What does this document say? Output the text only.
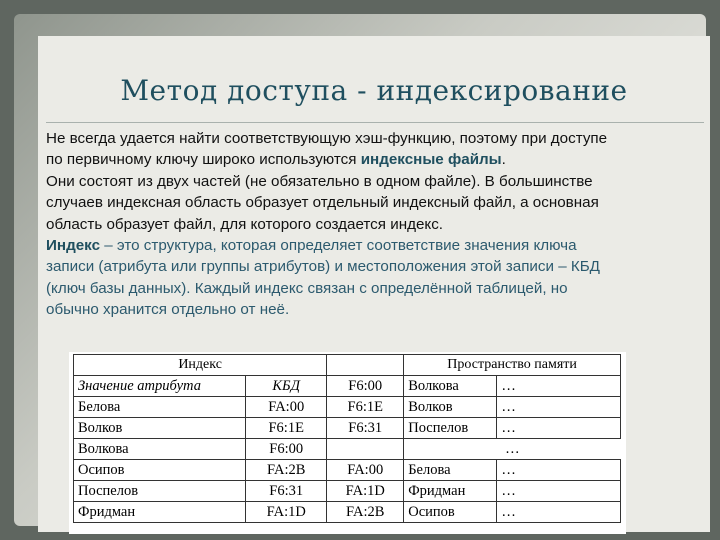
Метод доступа - индексирование

Не всегда удается найти соответствующую хэш-функцию, поэтому при доступе

по первичному ключу широко используются индексные файлы.

Они состоят из двух частей (не обязательно в одном файле). В большинстве

случаев индексная область образует отдельный индексный файл, а основная

область образует файл, для которого создается индекс.

Индекс – это структура, которая определяет соответствие значения ключа

записи (атрибута или группы атрибутов) и местоположения этой записи – КБД

(ключ базы данных). Каждый индекс связан с определённой таблицей, но

обычно хранится отдельно от неё.

Индекс			Пространство памяти	
Значение атрибута	КБД	F6:00	Волкова	…
Белова	FA:00	F6:1E	Волков	…
Волков	F6:1E	F6:31	Поспелов	…
Волкова	F6:00		…	
Осипов	FA:2B	FA:00	Белова	…
Поспелов	F6:31	FA:1D	Фридман	…
Фридман	FA:1D	FA:2B	Осипов	…
